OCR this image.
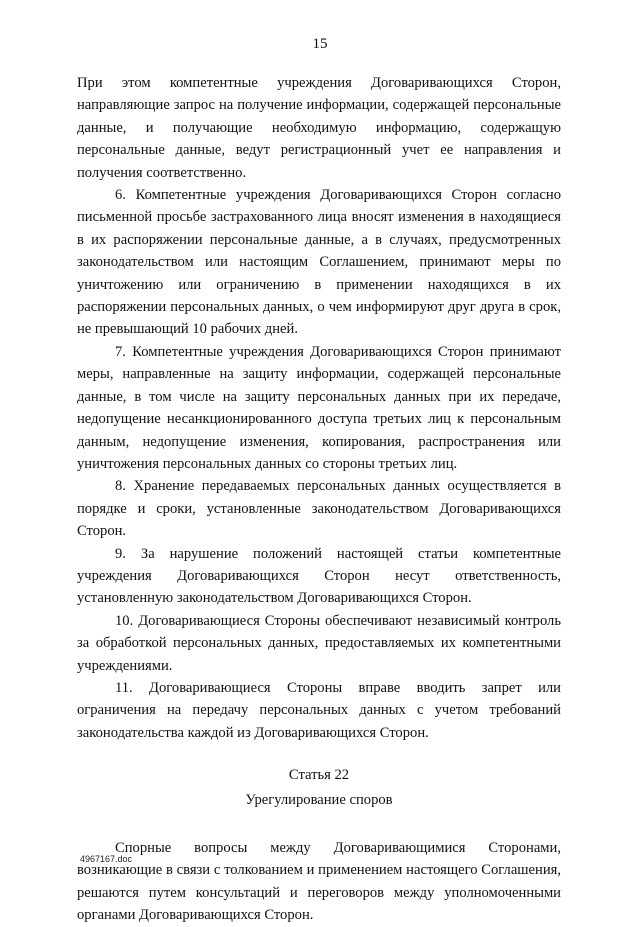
15

При этом компетентные учреждения Договаривающихся Сторон, направляющие запрос на получение информации, содержащей персональные данные, и получающие необходимую информацию, содержащую персональные данные, ведут регистрационный учет ее направления и получения соответственно.

6. Компетентные учреждения Договаривающихся Сторон согласно письменной просьбе застрахованного лица вносят изменения в находящиеся в их распоряжении персональные данные, а в случаях, предусмотренных законодательством или настоящим Соглашением, принимают меры по уничтожению или ограничению в применении находящихся в их распоряжении персональных данных, о чем информируют друг друга в срок, не превышающий 10 рабочих дней.

7. Компетентные учреждения Договаривающихся Сторон принимают меры, направленные на защиту информации, содержащей персональные данные, в том числе на защиту персональных данных при их передаче, недопущение несанкционированного доступа третьих лиц к персональным данным, недопущение изменения, копирования, распространения или уничтожения персональных данных со стороны третьих лиц.

8. Хранение передаваемых персональных данных осуществляется в порядке и сроки, установленные законодательством Договаривающихся Сторон.

9. За нарушение положений настоящей статьи компетентные учреждения Договаривающихся Сторон несут ответственность, установленную законодательством Договаривающихся Сторон.

10. Договаривающиеся Стороны обеспечивают независимый контроль за обработкой персональных данных, предоставляемых их компетентными учреждениями.

11. Договаривающиеся Стороны вправе вводить запрет или ограничения на передачу персональных данных с учетом требований законодательства каждой из Договаривающихся Сторон.

Статья 22

Урегулирование споров

Спорные вопросы между Договаривающимися Сторонами, возникающие в связи с толкованием и применением настоящего Соглашения, решаются путем консультаций и переговоров между уполномоченными органами Договаривающихся Сторон.

4967167.doc
